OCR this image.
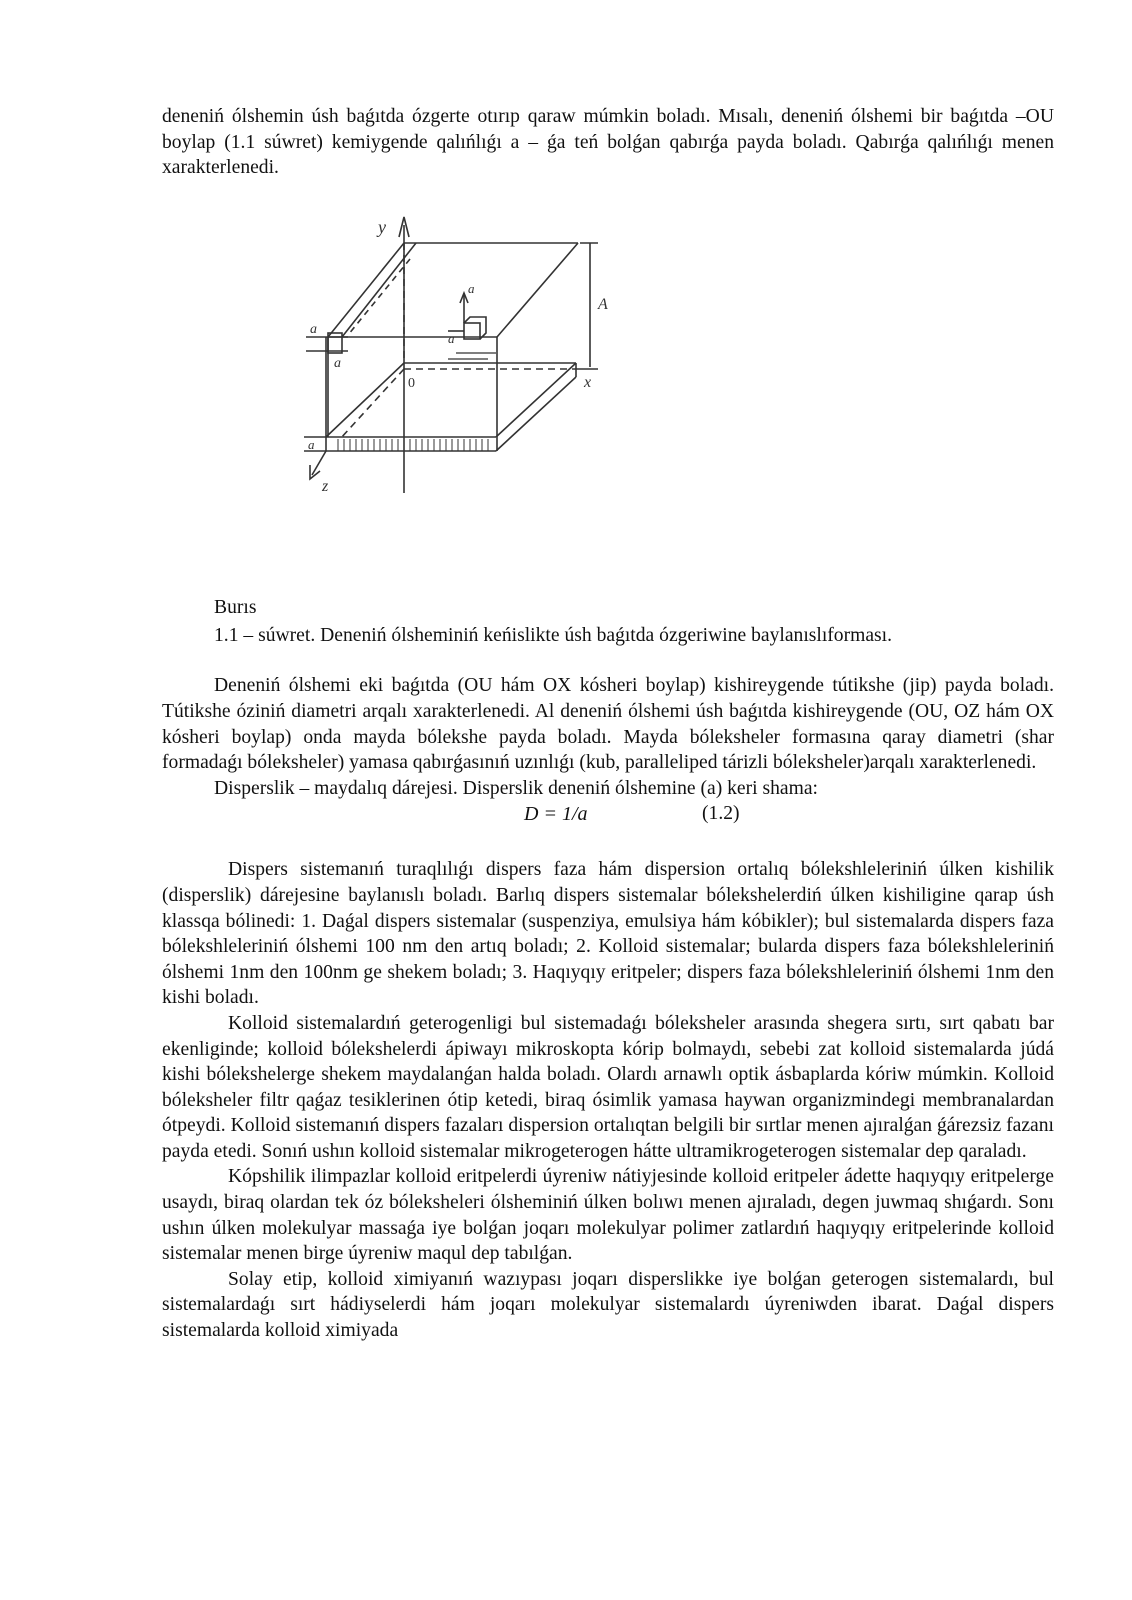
deneniń ólshemin úsh baǵıtda ózgerte otırıp qaraw múmkin boladı. Mısalı, deneniń ólshemi bir baǵıtda –OU boylap (1.1 súwret) kemiygende qalıńlıǵı a – ǵa teń bolǵan qabırǵa payda boladı. Qabırǵa qalıńlıǵı menen xarakterlenedi.

y
a
a
0
a
a
a
z
x
A
Burıs
1.1 – súwret. Deneniń ólsheminiń keńislikte úsh baǵıtda ózgeriwine baylanıslıforması.

Deneniń ólshemi eki baǵıtda (OU hám OX kósheri boylap) kishireygende tútikshe (jip) payda boladı. Tútikshe óziniń diametri arqalı xarakterlenedi. Al deneniń ólshemi úsh baǵıtda kishireygende (OU, OZ hám OX kósheri boylap) onda mayda bólekshe payda boladı. Mayda bóleksheler formasına qaray diametri (shar formadaǵı bóleksheler) yamasa qabırǵasınıń uzınlıǵı (kub, paralleliped tárizli bóleksheler)arqalı xarakterlenedi.

Disperslik – maydalıq dárejesi. Disperslik deneniń ólshemine (a) keri shama:

D = 1/a	(1.2)

Dispers sistemanıń turaqlılıǵı dispers faza hám dispersion ortalıq bólekshleleriniń úlken kishilik (disperslik) dárejesine baylanıslı boladı. Barlıq dispers sistemalar bólekshelerdiń úlken kishiligine qarap úsh klassqa bólinedi: 1. Daǵal dispers sistemalar (suspenziya, emulsiya hám kóbikler); bul sistemalarda dispers faza bólekshleleriniń ólshemi 100 nm den artıq boladı; 2. Kolloid sistemalar; bularda dispers faza bólekshleleriniń ólshemi 1nm den 100nm ge shekem boladı; 3. Haqıyqıy eritpeler; dispers faza bólekshleleriniń ólshemi 1nm den kishi boladı.

Kolloid sistemalardıń geterogenligi bul sistemadaǵı bóleksheler arasında shegera sırtı, sırt qabatı bar ekenliginde; kolloid bólekshelerdi ápiwayı mikroskopta kórip bolmaydı, sebebi zat kolloid sistemalarda júdá kishi bólekshelerge shekem maydalanǵan halda boladı. Olardı arnawlı optik ásbaplarda kóriw múmkin. Kolloid bóleksheler filtr qaǵaz tesiklerinen ótip ketedi, biraq ósimlik yamasa haywan organizmindegi membranalardan ótpeydi. Kolloid sistemanıń dispers fazaları dispersion ortalıqtan belgili bir sırtlar menen ajıralǵan ǵárezsiz fazanı payda etedi. Sonıń ushın kolloid sistemalar mikrogeterogen hátte ultramikrogeterogen sistemalar dep qaraladı.

Kópshilik ilimpazlar kolloid eritpelerdi úyreniw nátiyjesinde kolloid eritpeler ádette haqıyqıy eritpelerge usaydı, biraq olardan tek óz bóleksheleri ólsheminiń úlken bolıwı menen ajıraladı, degen juwmaq shıǵardı. Sonı ushın úlken molekulyar massaǵa iye bolǵan joqarı molekulyar polimer zatlardıń haqıyqıy eritpelerinde kolloid sistemalar menen birge úyreniw maqul dep tabılǵan.

Solay etip, kolloid ximiyanıń wazıypası joqarı disperslikke iye bolǵan geterogen sistemalardı, bul sistemalardaǵı sırt hádiyselerdi hám joqarı molekulyar sistemalardı úyreniwden ibarat. Daǵal dispers sistemalarda kolloid ximiyada
